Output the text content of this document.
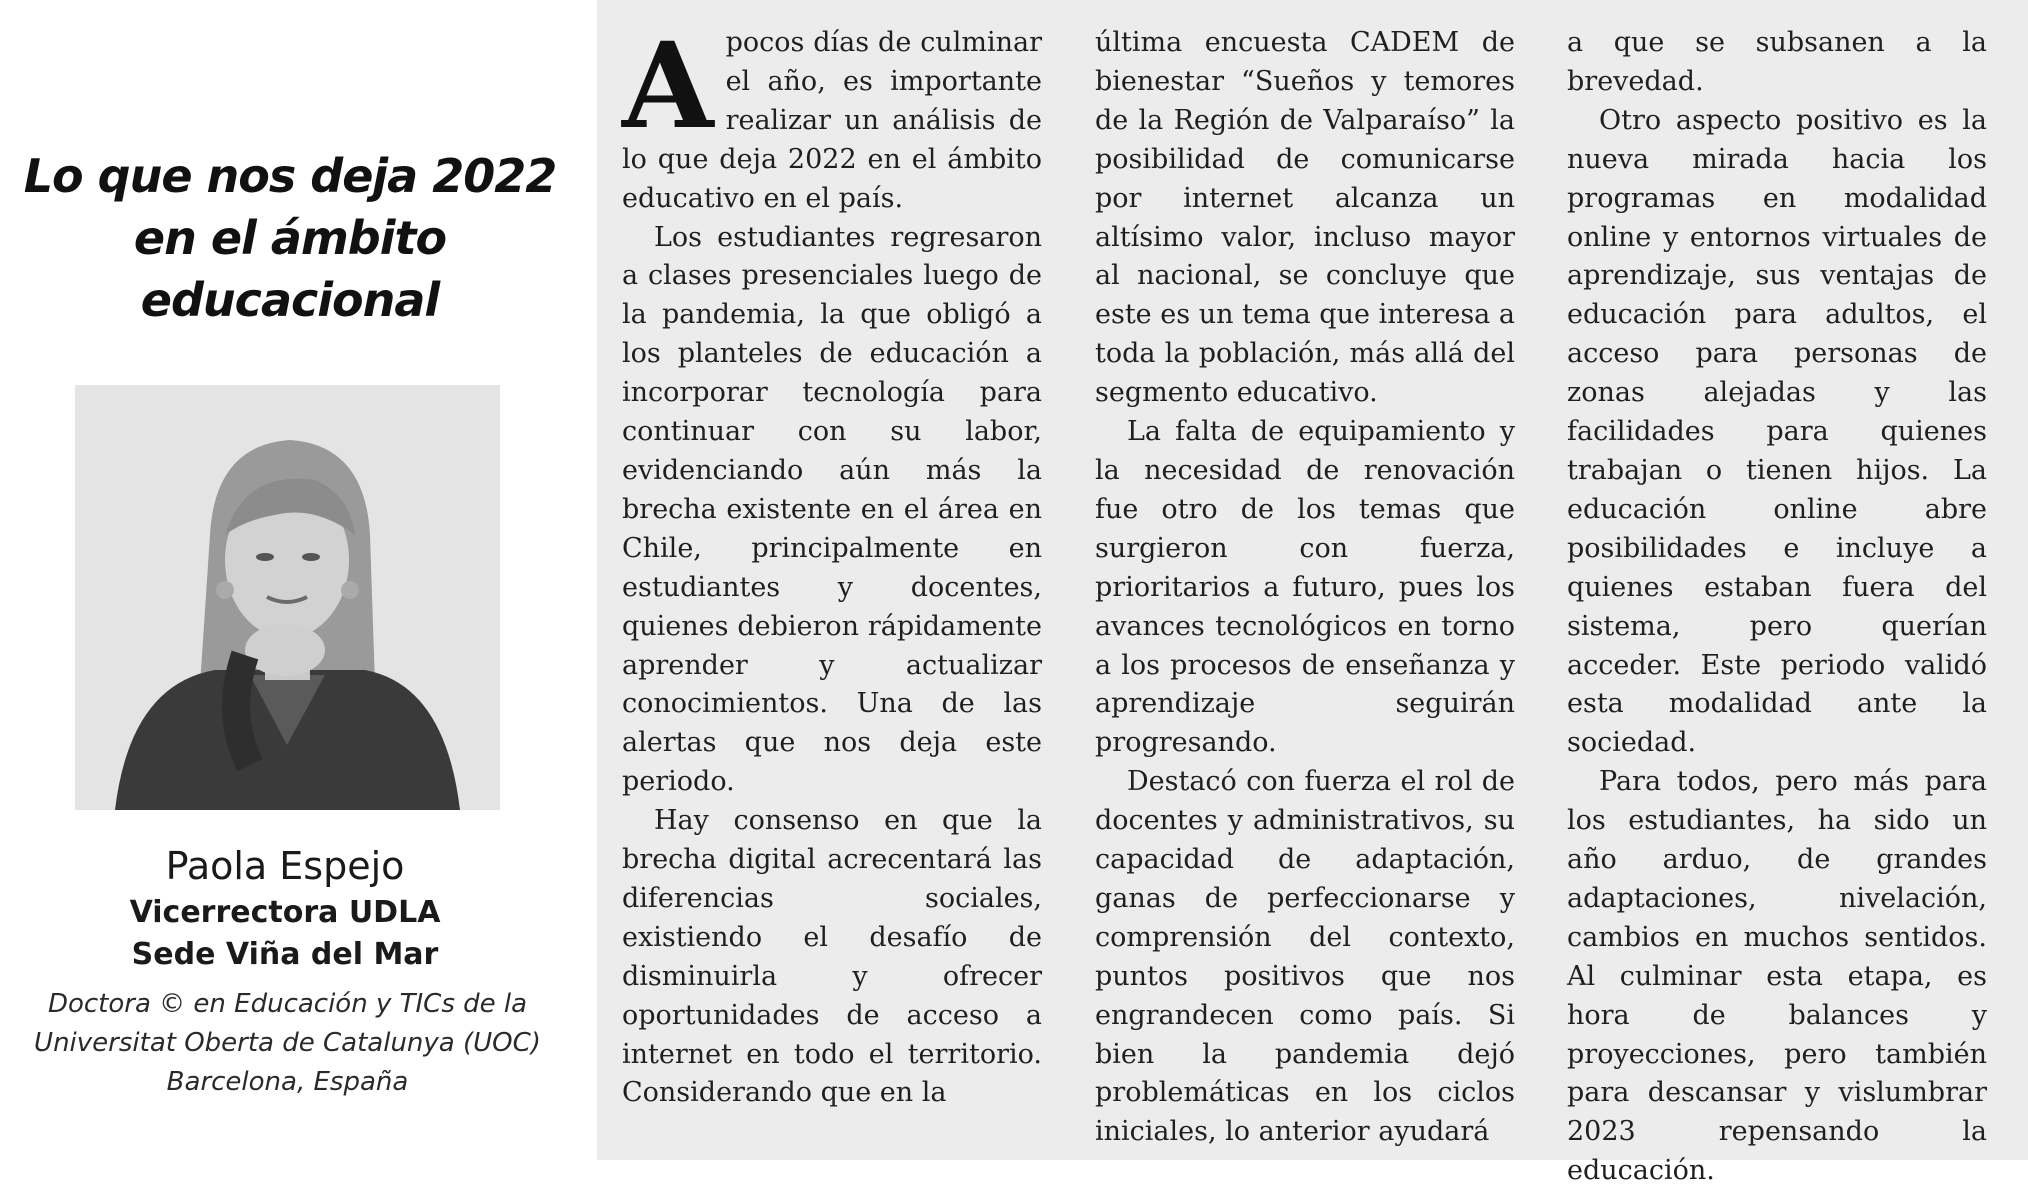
Lo que nos deja 2022 en el ámbito educacional
Paola Espejo
Vicerrectora UDLA
Sede Viña del Mar

Doctora © en Educación y TICs de la Universitat Oberta de Catalunya (UOC) Barcelona, España

A pocos días de culminar el año, es importante realizar un análisis de lo que deja 2022 en el ámbito educativo en el país.

Los estudiantes regresaron a clases presenciales luego de la pandemia, la que obligó a los planteles de educación a incorporar tecnología para continuar con su labor, evidenciando aún más la brecha existente en el área en Chile, principalmente en estudiantes y docentes, quienes debieron rápidamente aprender y actualizar conocimientos. Una de las alertas que nos deja este periodo.

Hay consenso en que la brecha digital acrecentará las diferencias sociales, existiendo el desafío de disminuirla y ofrecer oportunidades de acceso a internet en todo el territorio. Considerando que en la

última encuesta CADEM de bienestar “Sueños y temores de la Región de Valparaíso” la posibilidad de comunicarse por internet alcanza un altísimo valor, incluso mayor al nacional, se concluye que este es un tema que interesa a toda la población, más allá del segmento educativo.

La falta de equipamiento y la necesidad de renovación fue otro de los temas que surgieron con fuerza, prioritarios a futuro, pues los avances tecnológicos en torno a los procesos de enseñanza y aprendizaje seguirán progresando.

Destacó con fuerza el rol de docentes y administrativos, su capacidad de adaptación, ganas de perfeccionarse y comprensión del contexto, puntos positivos que nos engrandecen como país. Si bien la pandemia dejó problemáticas en los ciclos iniciales, lo anterior ayudará

a que se subsanen a la brevedad.

Otro aspecto positivo es la nueva mirada hacia los programas en modalidad online y entornos virtuales de aprendizaje, sus ventajas de educación para adultos, el acceso para personas de zonas alejadas y las facilidades para quienes trabajan o tienen hijos. La educación online abre posibilidades e incluye a quienes estaban fuera del sistema, pero querían acceder. Este periodo validó esta modalidad ante la sociedad.

Para todos, pero más para los estudiantes, ha sido un año arduo, de grandes adaptaciones, nivelación, cambios en muchos sentidos. Al culminar esta etapa, es hora de balances y proyecciones, pero también para descansar y vislumbrar 2023 repensando la educación.
